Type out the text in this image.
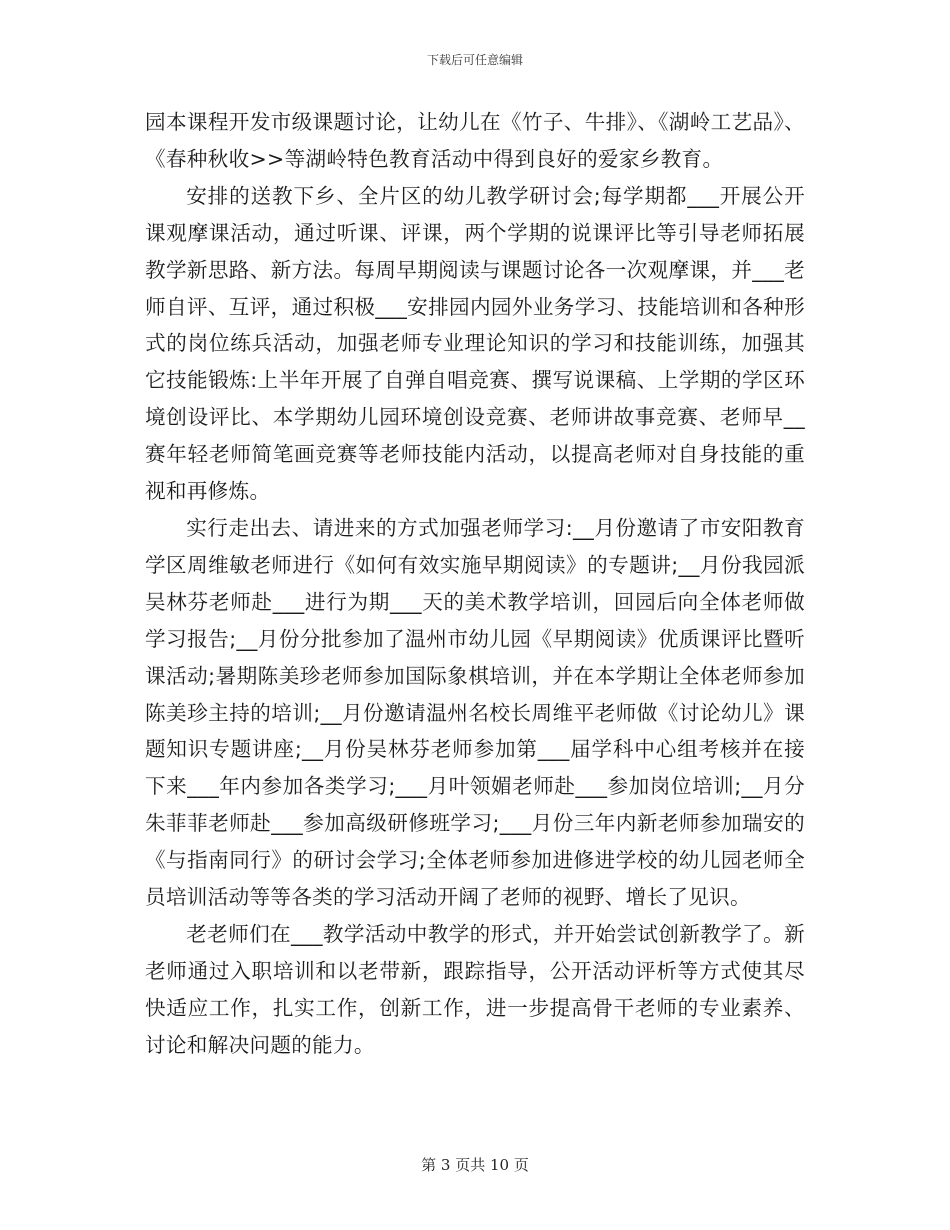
下载后可任意编辑

园本课程开发市级课题讨论，让幼儿在《竹子、牛排》、《湖岭工艺品》、《春种秋收>>等湖岭特色教育活动中得到良好的爱家乡教育。

安排的送教下乡、全片区的幼儿教学研讨会;每学期都___开展公开课观摩课活动，通过听课、评课，两个学期的说课评比等引导老师拓展教学新思路、新方法。每周早期阅读与课题讨论各一次观摩课，并___老师自评、互评，通过积极___安排园内园外业务学习、技能培训和各种形式的岗位练兵活动，加强老师专业理论知识的学习和技能训练，加强其它技能锻炼:上半年开展了自弹自唱竞赛、撰写说课稿、上学期的学区环境创设评比、本学期幼儿园环境创设竞赛、老师讲故事竞赛、老师早__赛年轻老师简笔画竞赛等老师技能内活动，以提高老师对自身技能的重视和再修炼。

实行走出去、请进来的方式加强老师学习:__月份邀请了市安阳教育学区周维敏老师进行《如何有效实施早期阅读》的专题讲;__月份我园派吴林芬老师赴___进行为期___天的美术教学培训，回园后向全体老师做学习报告;__月份分批参加了温州市幼儿园《早期阅读》优质课评比暨听课活动;暑期陈美珍老师参加国际象棋培训，并在本学期让全体老师参加陈美珍主持的培训;__月份邀请温州名校长周维平老师做《讨论幼儿》课题知识专题讲座;__月份吴林芬老师参加第___届学科中心组考核并在接下来___年内参加各类学习;___月叶领媚老师赴___参加岗位培训;__月分朱菲菲老师赴___参加高级研修班学习;___月份三年内新老师参加瑞安的《与指南同行》的研讨会学习;全体老师参加进修进学校的幼儿园老师全员培训活动等等各类的学习活动开阔了老师的视野、增长了见识。

老老师们在___教学活动中教学的形式，并开始尝试创新教学了。新老师通过入职培训和以老带新，跟踪指导，公开活动评析等方式使其尽快适应工作，扎实工作，创新工作，进一步提高骨干老师的专业素养、讨论和解决问题的能力。

第 3 页共 10 页
